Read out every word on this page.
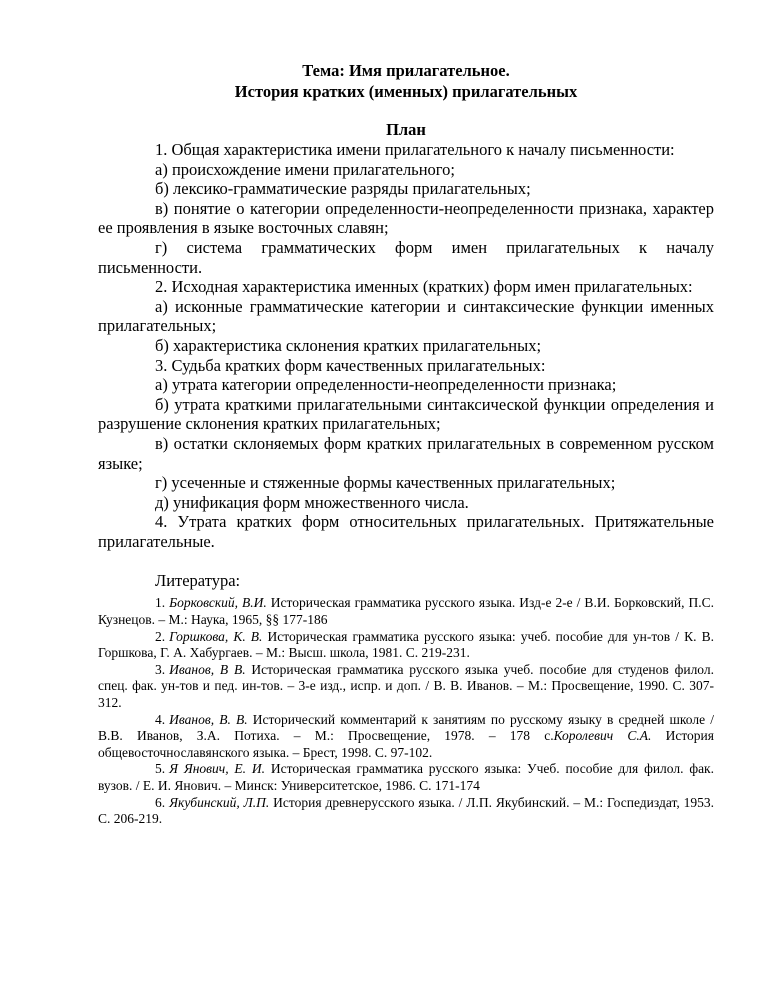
Тема: Имя прилагательное.
История кратких (именных) прилагательных
План

1. Общая характеристика имени прилагательного к началу письменности:

а) происхождение имени прилагательного;

б) лексико-грамматические разряды прилагательных;

в) понятие о категории определенности-неопределенности признака, характер ее проявления в языке восточных славян;

г) система грамматических форм имен прилагательных к началу письменности.

2. Исходная характеристика именных (кратких) форм имен прилагательных:

а) исконные грамматические категории и синтаксические функции именных прилагательных;

б) характеристика склонения кратких прилагательных;

3. Судьба кратких форм качественных прилагательных:

а) утрата категории определенности-неопределенности признака;

б) утрата краткими прилагательными синтаксической функции определения и разрушение склонения кратких прилагательных;

в) остатки склоняемых форм кратких прилагательных в современном русском языке;

г) усеченные и стяженные формы качественных прилагательных;

д) унификация форм множественного числа.

4. Утрата кратких форм относительных прилагательных. Притяжательные прилагательные.

Литература:

1. Борковский, В.И. Историческая грамматика русского языка. Изд-е 2-е / В.И. Борковский, П.С. Кузнецов. – М.: Наука, 1965, §§ 177-186

2. Горшкова, К. В. Историческая грамматика русского языка: учеб. пособие для ун-тов / К. В. Горшкова, Г. А. Хабургаев. – М.: Высш. школа, 1981. С. 219-231.

3. Иванов, В В. Историческая грамматика русского языка учеб. пособие для студенов филол. спец. фак. ун-тов и пед. ин-тов. – 3-е изд., испр. и доп. / В. В. Иванов. – М.: Просвещение, 1990. С. 307- 312.

4. Иванов, В. В. Исторический комментарий к занятиям по русскому языку в средней школе / В.В. Иванов, З.А. Потиха. – М.: Просвещение, 1978. – 178 с.Королевич С.А. История общевосточнославянского языка. – Брест, 1998. С. 97-102.

5. Я Янович, Е. И. Историческая грамматика русского языка: Учеб. пособие для филол. фак. вузов. / Е. И. Янович. – Минск: Университетское, 1986. С. 171-174

6. Якубинский, Л.П. История древнерусского языка. / Л.П. Якубинский. – М.: Госпедиздат, 1953. С. 206-219.
